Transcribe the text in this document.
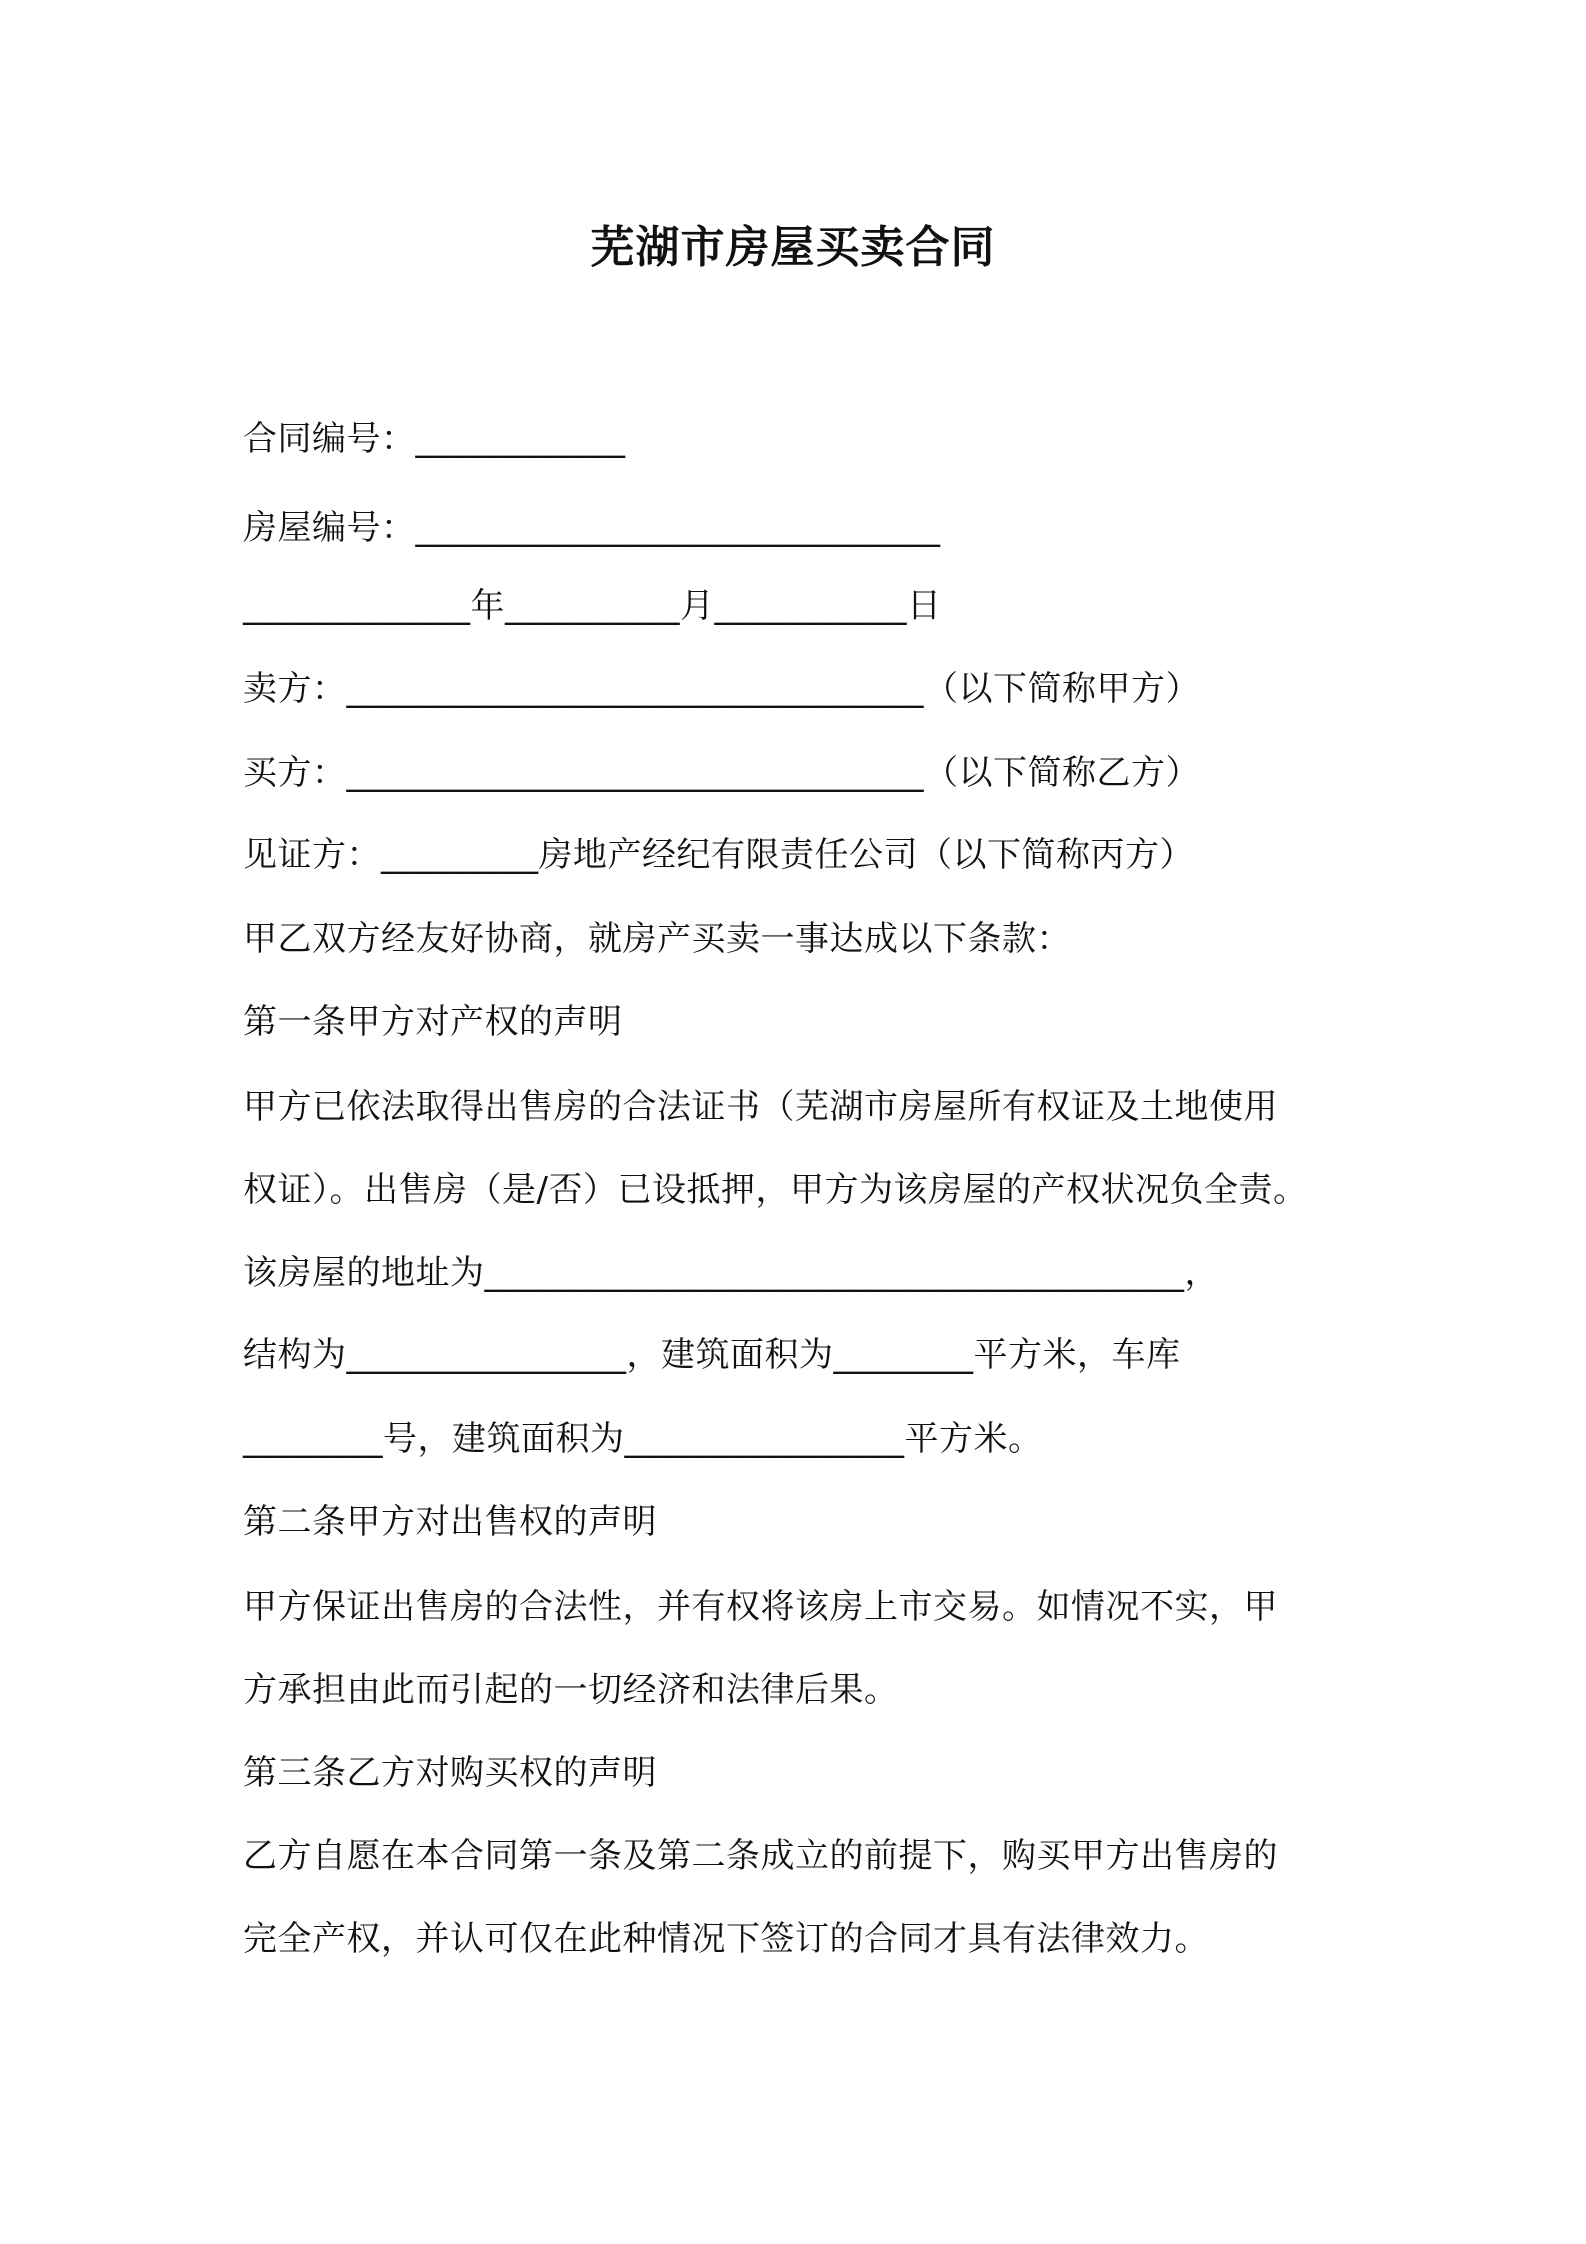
芜湖市房屋买卖合同

合同编号：____________

房屋编号：______________________________

_____________年__________月___________日

卖方：_________________________________（以下简称甲方）

买方：_________________________________（以下简称乙方）

见证方：_________房地产经纪有限责任公司（以下简称丙方）

甲乙双方经友好协商，就房产买卖一事达成以下条款：

第一条甲方对产权的声明

甲方已依法取得出售房的合法证书（芜湖市房屋所有权证及土地使用

权证）。出售房（是/否）已设抵押，甲方为该房屋的产权状况负全责。

该房屋的地址为________________________________________，

结构为________________，建筑面积为________平方米，车库

________号，建筑面积为________________平方米。

第二条甲方对出售权的声明

甲方保证出售房的合法性，并有权将该房上市交易。如情况不实，甲

方承担由此而引起的一切经济和法律后果。

第三条乙方对购买权的声明

乙方自愿在本合同第一条及第二条成立的前提下，购买甲方出售房的

完全产权，并认可仅在此种情况下签订的合同才具有法律效力。
